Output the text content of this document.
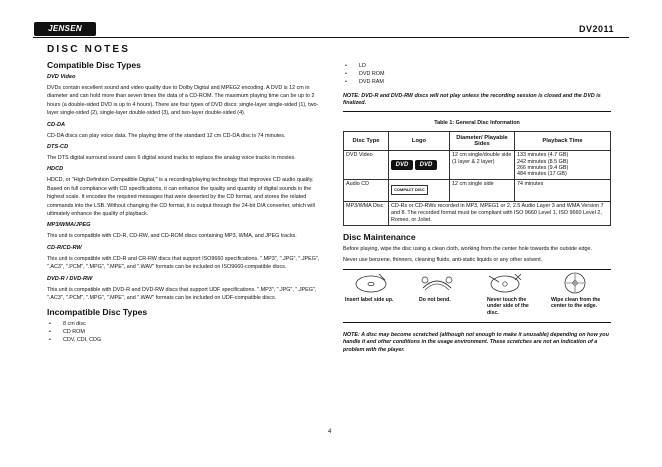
JENSEN	DV2011
DISC NOTES
Compatible Disc Types
DVD Video
DVDs contain excellent sound and video quality due to Dolby Digital and MPEG2 encoding. A DVD is 12 cm in diameter and can hold more than seven times the data of a CD-ROM. The maximum playing time can be up to 2 hours (a double-sided DVD is up to 4 hours). There are four types of DVD discs: single-layer single-sided (1), two-layer single-sided (2), single-layer double-sided (3), and two-layer double-sided (4).
CD-DA
CD-DA discs can play voice data. The playing time of the standard 12 cm CD-DA disc is 74 minutes.
DTS-CD
The DTS digital surround sound uses 6 digital sound tracks to replace the analog voice tracks in movies.
HDCD
HDCD, or "High Definition Compatible Digital," is a recording/playing technology that improves CD audio quality. Based on full compliance with CD specifications, it can enhance the quality and quantity of digital sounds in the highest scale. It encodes the required messages that were deserted by the CD format, and stores the related commands into the LSB. Without changing the CD format, it is output through the 24-bit D/A converter, which will ultimately enhance the quality of playback.
MP3/WMA/JPEG
This unit is compatible with CD-R, CD-RW, and CD-ROM discs containing MP3, WMA, and JPEG tracks.
CD-R/CD-RW
This unit is compatible with CD-R and CR-RW discs that support ISO9660 specifications. ".MP3", ".JPG", ".JPEG", ".AC3", ".PCM", ".MPG", ".MPE", and ".WAV" formats can be included on ISO9660-compatible discs.
DVD-R / DVD-RW
This unit is compatible with DVD-R and DVD-RW discs that support UDF specifications. ".MP3", ".JPG", ".JPEG", ".AC3", ".PCM", ".MPG", ".MPE", and ".WAV" formats can be included on UDF-compatible discs.
Incompatible Disc Types
• 8 cm disc
• CD ROM
• CDV, CDI, CDG
• LD
• DVD ROM
• DVD RAM
NOTE: DVD-R and DVD-RW discs will not play unless the recording session is closed and the DVD is finalized.
Table 1: General Disc Information
Disc Type	Logo	Diameter/ Playable Sides	Playback Time
DVD Video	DVD DVD	12 cm single/double side (1 layer & 2 layer)	133 minutes (4.7 GB)
242 minutes (8.5 GB)
266 minutes (9.4 GB)
484 minutes (17 GB)

Audio CD	COMPACT DISC	12 cm single side	74 minutes
MP3/WMA Disc	CD-Rs or CD-RWs recorded in MP3, MPEG1 or 2, 2.5 Audio Layer 3 and WMA Version 7 and 8. The recorded format must be compliant with ISO 9660 Level 1, ISO 9660 Level 2, Romeo, or Joliet.		
Disc Maintenance
Before playing, wipe the disc using a clean cloth, working from the center hole towards the outside edge.
Never use benzene, thinners, cleaning fluids, anti-static liquids or any other solvent.
Insert label side up.	Do not bend.	Never touch the under side of the disc.
Wipe clean from the center to the edge.
NOTE: A disc may become scratched (although not enough to make it unusable) depending on how you handle it and other conditions in the usage environment. These scratches are not an indication of a problem with the player.
4
